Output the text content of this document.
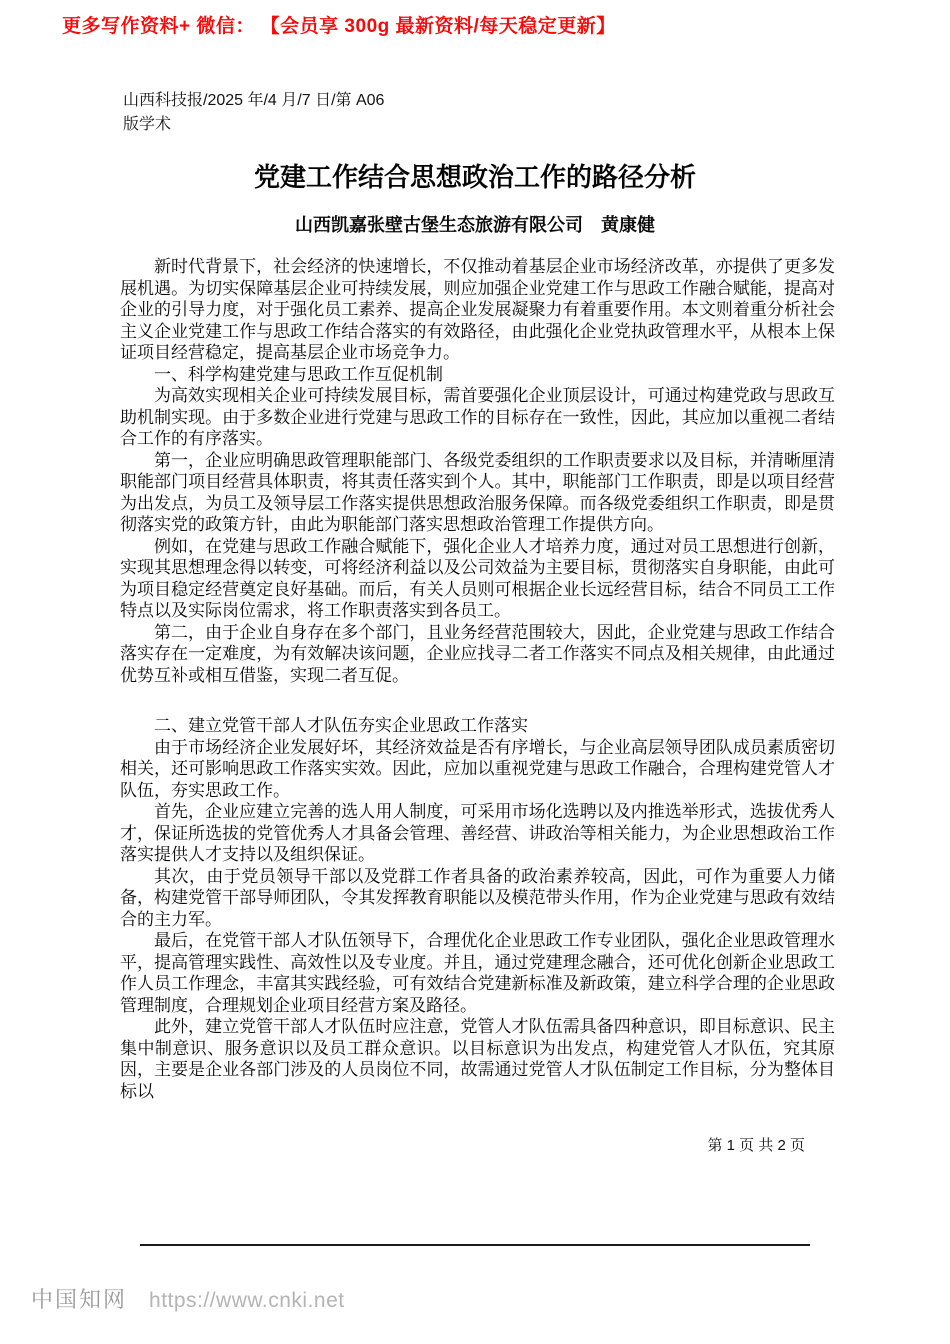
更多写作资料+ 微信： 【会员享 300g 最新资料/每天稳定更新】
山西科技报/2025 年/4 月/7 日/第 A06
版学术
党建工作结合思想政治工作的路径分析
山西凯嘉张壁古堡生态旅游有限公司　黄康健

新时代背景下，社会经济的快速增长，不仅推动着基层企业市场经济改革，亦提供了更多发展机遇。为切实保障基层企业可持续发展，则应加强企业党建工作与思政工作融合赋能，提高对企业的引导力度，对于强化员工素养、提高企业发展凝聚力有着重要作用。本文则着重分析社会主义企业党建工作与思政工作结合落实的有效路径，由此强化企业党执政管理水平，从根本上保证项目经营稳定，提高基层企业市场竞争力。

一、科学构建党建与思政工作互促机制

为高效实现相关企业可持续发展目标，需首要强化企业顶层设计，可通过构建党政与思政互助机制实现。由于多数企业进行党建与思政工作的目标存在一致性，因此，其应加以重视二者结合工作的有序落实。

第一，企业应明确思政管理职能部门、各级党委组织的工作职责要求以及目标，并清晰厘清职能部门项目经营具体职责，将其责任落实到个人。其中，职能部门工作职责，即是以项目经营为出发点，为员工及领导层工作落实提供思想政治服务保障。而各级党委组织工作职责，即是贯彻落实党的政策方针，由此为职能部门落实思想政治管理工作提供方向。

例如，在党建与思政工作融合赋能下，强化企业人才培养力度，通过对员工思想进行创新，实现其思想理念得以转变，可将经济利益以及公司效益为主要目标，贯彻落实自身职能，由此可为项目稳定经营奠定良好基础。而后，有关人员则可根据企业长远经营目标，结合不同员工工作特点以及实际岗位需求，将工作职责落实到各员工。

第二，由于企业自身存在多个部门，且业务经营范围较大，因此，企业党建与思政工作结合落实存在一定难度，为有效解决该问题，企业应找寻二者工作落实不同点及相关规律，由此通过优势互补或相互借鉴，实现二者互促。

二、建立党管干部人才队伍夯实企业思政工作落实

由于市场经济企业发展好坏，其经济效益是否有序增长，与企业高层领导团队成员素质密切相关，还可影响思政工作落实实效。因此，应加以重视党建与思政工作融合，合理构建党管人才队伍，夯实思政工作。

首先，企业应建立完善的选人用人制度，可采用市场化选聘以及内推选举形式，选拔优秀人才，保证所选拔的党管优秀人才具备会管理、善经营、讲政治等相关能力，为企业思想政治工作落实提供人才支持以及组织保证。

其次，由于党员领导干部以及党群工作者具备的政治素养较高，因此，可作为重要人力储备，构建党管干部导师团队，令其发挥教育职能以及模范带头作用，作为企业党建与思政有效结合的主力军。

最后，在党管干部人才队伍领导下，合理优化企业思政工作专业团队，强化企业思政管理水平，提高管理实践性、高效性以及专业度。并且，通过党建理念融合，还可优化创新企业思政工作人员工作理念，丰富其实践经验，可有效结合党建新标准及新政策，建立科学合理的企业思政管理制度，合理规划企业项目经营方案及路径。

此外，建立党管干部人才队伍时应注意，党管人才队伍需具备四种意识，即目标意识、民主集中制意识、服务意识以及员工群众意识。以目标意识为出发点，构建党管人才队伍，究其原因，主要是企业各部门涉及的人员岗位不同，故需通过党管人才队伍制定工作目标，分为整体目标以

第 1 页 共 2 页
中国知网 https://www.cnki.net
